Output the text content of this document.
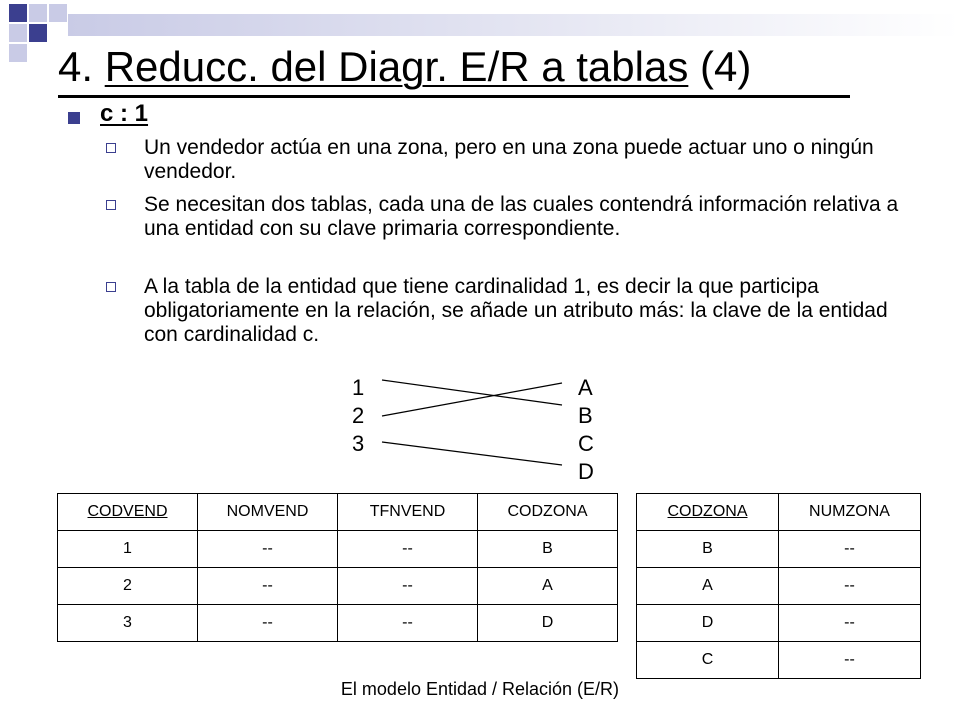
4. Reducc. del Diagr. E/R a tablas (4)
c : 1
Un vendedor actúa en una zona, pero en una zona puede actuar uno o ningún vendedor.
Se necesitan dos tablas, cada una de las cuales contendrá información relativa a una entidad con su clave primaria correspondiente.
A la tabla de la entidad que tiene cardinalidad 1, es decir la que participa obligatoriamente en la relación, se añade un atributo más: la clave de la entidad con cardinalidad c.
1
2
3
A
B
C
D
CODVEND	NOMVEND	TFNVEND	CODZONA
1	--	--	B
2	--	--	A
3	--	--	D
CODZONA	NUMZONA
B	--
A	--
D	--
C	--
El modelo Entidad / Relación (E/R)
